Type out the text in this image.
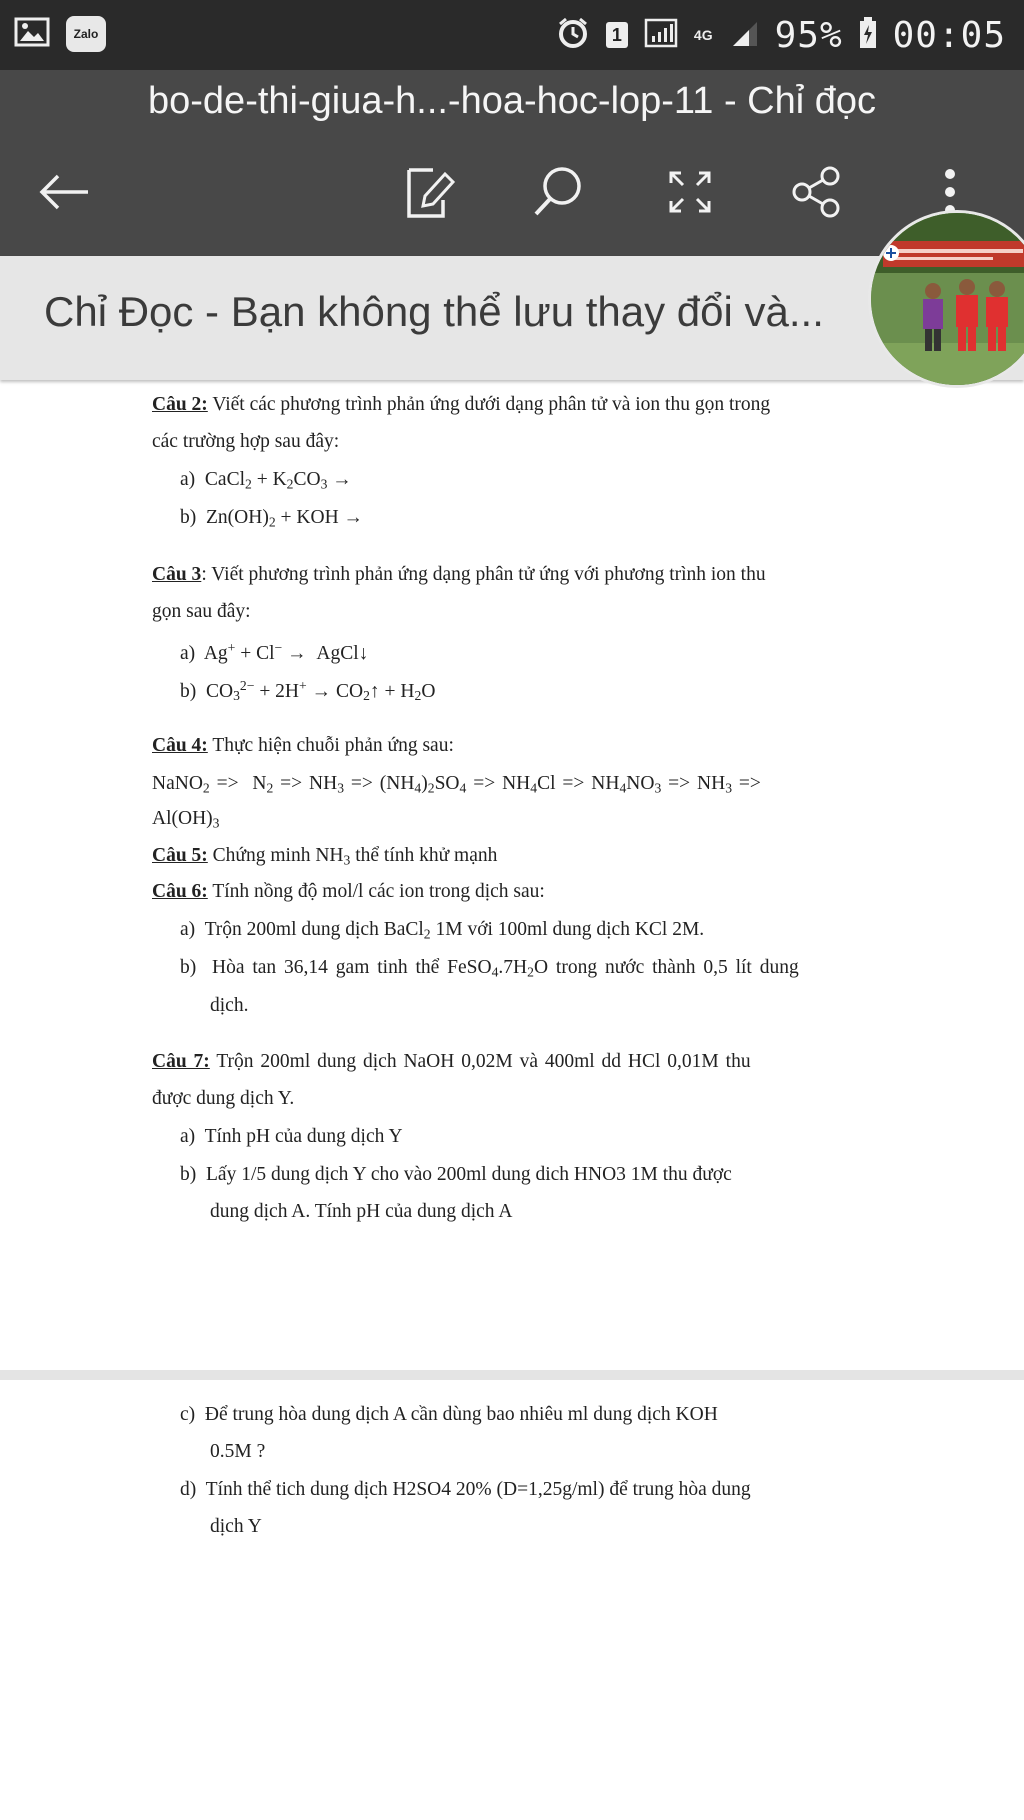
Zalo	1	4G 95% 00:05
bo-de-thi-giua-h...-hoa-hoc-lop-11 - Chỉ đọc
Chỉ Đọc - Bạn không thể lưu thay đổi và...
Câu 2: Viết các phương trình phản ứng dưới dạng phân tử và ion thu gọn trong
các trường hợp sau đây:
a)  CaCl$_2$ + $K_2CO_3$ →
b)  $Zn(OH)_2$ + KOH →
Câu 3: Viết phương trình phản ứng dạng phân tử ứng với phương trình ion thu
gọn sau đây:
a)  Ag+ + Cl− →  AgCl↓
b)  $CO_3^{2-} + 2H^+$ → $CO_2↑ + H_2O$
Câu 4: Thực hiện chuỗi phản ứng sau:
NaNO$_2$ =>  $N_2 => NH_3 => (NH_4)_2SO_4 => NH_4Cl => NH_4NO_3 => NH_3$ =>
$Al(OH)_3$
Câu 5: Chứng minh $NH_3$ thể tính khử mạnh
Câu 6: Tính nồng độ mol/l các ion trong dịch sau:
a) Trộn 200ml dung dịch BaCl$_2$ 1M với 100ml dung dịch KCl 2M.
b) Hòa tan 36,14 gam tinh thể $FeSO_4.7H_2O$ trong nước thành 0,5 lít dung
dịch.
Câu 7: Trộn 200ml dung dịch NaOH 0,02M và 400ml dd HCl 0,01M thu
được dung dịch Y.
a) Tính pH của dung dịch Y
b) Lấy 1/5 dung dịch Y cho vào 200ml dung dich HNO3 1M thu được
dung dịch A. Tính pH của dung dịch A
c) Để trung hòa dung dịch A cần dùng bao nhiêu ml dung dịch KOH
0.5M ?
d) Tính thể tich dung dịch H2SO4 20% (D=1,25g/ml) để trung hòa dung
dịch Y
